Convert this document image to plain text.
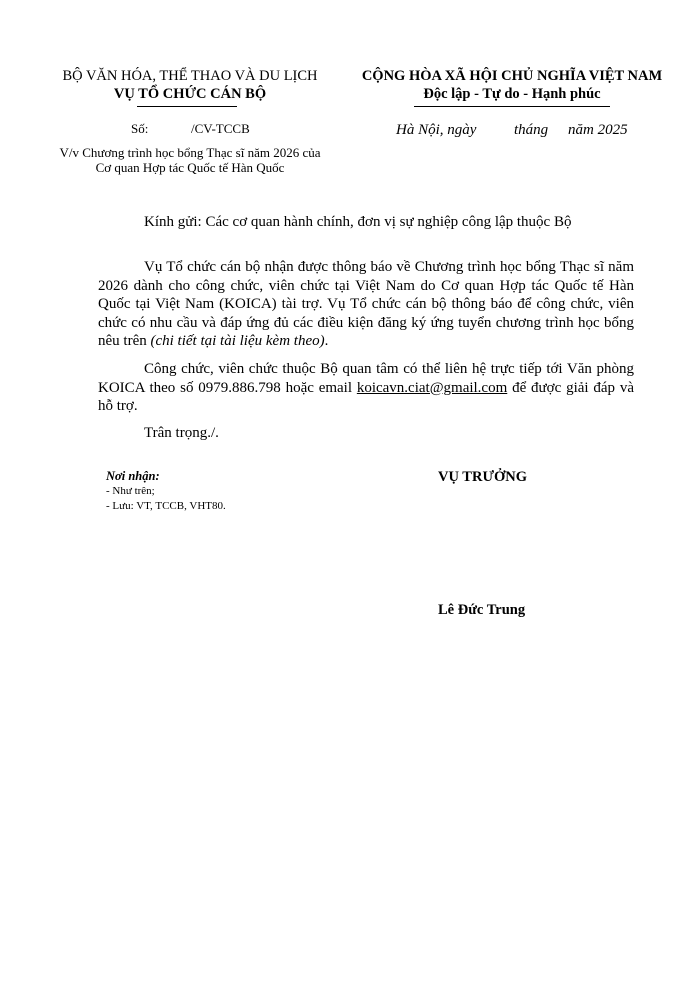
BỘ VĂN HÓA, THỂ THAO VÀ DU LỊCH
VỤ TỔ CHỨC CÁN BỘ
Số:	/CV-TCCB
V/v Chương trình học bổng Thạc sĩ năm 2026 của
Cơ quan Hợp tác Quốc tế Hàn Quốc
CỘNG HÒA XÃ HỘI CHỦ NGHĨA VIỆT NAM
Độc lập - Tự do - Hạnh phúc
Hà Nội, ngày	tháng năm 2025
Kính gửi: Các cơ quan hành chính, đơn vị sự nghiệp công lập thuộc Bộ
Vụ Tổ chức cán bộ nhận được thông báo về Chương trình học bổng Thạc sĩ năm 2026 dành cho công chức, viên chức tại Việt Nam do Cơ quan Hợp tác Quốc tế Hàn Quốc tại Việt Nam (KOICA) tài trợ. Vụ Tổ chức cán bộ thông báo để công chức, viên chức có nhu cầu và đáp ứng đủ các điều kiện đăng ký ứng tuyển chương trình học bổng nêu trên (chi tiết tại tài liệu kèm theo).
Công chức, viên chức thuộc Bộ quan tâm có thể liên hệ trực tiếp tới Văn phòng KOICA theo số 0979.886.798 hoặc email koicavn.ciat@gmail.com để được giải đáp và hỗ trợ.
Trân trọng./.
Nơi nhận:
- Như trên;
- Lưu: VT, TCCB, VHT80.
VỤ TRƯỞNG
Lê Đức Trung
